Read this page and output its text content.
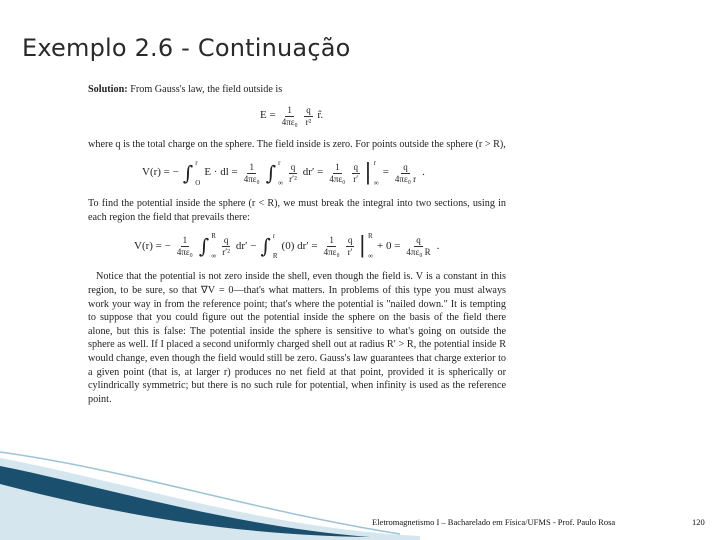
Exemplo 2.6 - Continuação

Solution: From Gauss's law, the field outside is

$E = \frac{1}{\text{4πε₀}} \frac{q}{\text{r²}}$ r̂.

where q is the total charge on the sphere. The field inside is zero. For points outside the sphere (r > R),

V(r) = − ∫ r
O
E · dl = $\frac{1}{\text{4πε₀}}$ ∫ r
∞ $\frac{q}{\text{r′²}} dr' = \frac{1}{\text{4πε₀}} \frac{q}{r'}$ | r
∞
= $\frac{q}{\text{4πε₀ r}}$ .

To find the potential inside the sphere (r < R), we must break the integral into two sections, using in each region the field that prevails there:

V(r) = − $\frac{1}{\text{4πε₀}}$ ∫ R
∞ $\frac{q}{\text{r′²}} dr'$ − ∫ r
R
(0) $dr' = \frac{1}{\text{4πε₀}} \frac{q}{r'}$ | R
∞
+ $0 = \frac{q}{\text{4πε₀ R}}$ .

Notice that the potential is not zero inside the shell, even though the field is. V is a constant in this region, to be sure, so that ∇V = 0—that's what matters. In problems of this type you must always work your way in from the reference point; that's where the potential is "nailed down." It is tempting to suppose that you could figure out the potential inside the sphere on the basis of the field there alone, but this is false: The potential inside the sphere is sensitive to what's going on outside the sphere as well. If I placed a second uniformly charged shell out at radius R′ > R, the potential inside R would change, even though the field would still be zero. Gauss's law guarantees that charge exterior to a given point (that is, at larger r) produces no net field at that point, provided it is spherically or cylindrically symmetric; but there is no such rule for potential, when infinity is used as the reference point.

Eletromagnetismo I – Bacharelado em Física/UFMS - Prof. Paulo Rosa	120
